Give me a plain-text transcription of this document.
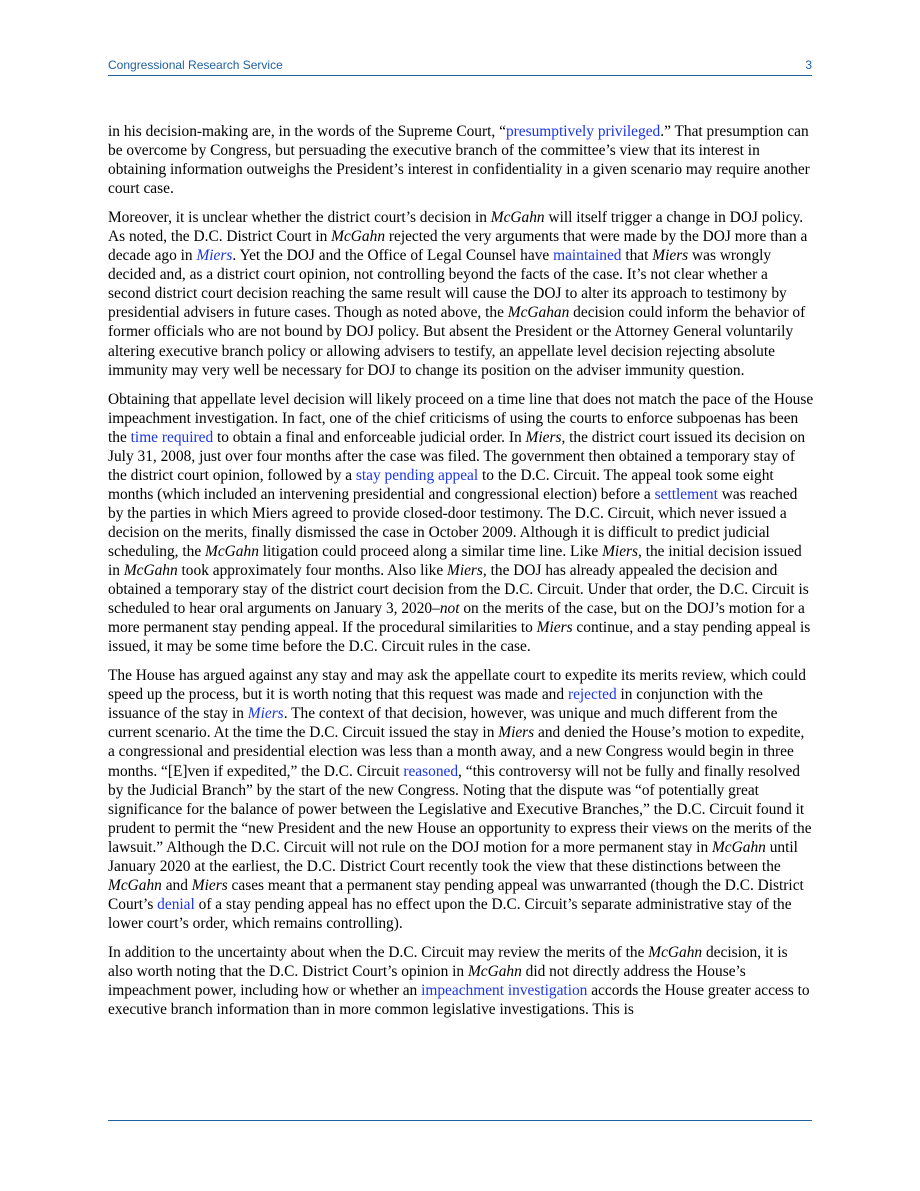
Congressional Research Service	3

in his decision-making are, in the words of the Supreme Court, “presumptively privileged.” That presumption can be overcome by Congress, but persuading the executive branch of the committee’s view that its interest in obtaining information outweighs the President’s interest in confidentiality in a given scenario may require another court case.

Moreover, it is unclear whether the district court’s decision in McGahn will itself trigger a change in DOJ policy. As noted, the D.C. District Court in McGahn rejected the very arguments that were made by the DOJ more than a decade ago in Miers. Yet the DOJ and the Office of Legal Counsel have maintained that Miers was wrongly decided and, as a district court opinion, not controlling beyond the facts of the case. It’s not clear whether a second district court decision reaching the same result will cause the DOJ to alter its approach to testimony by presidential advisers in future cases. Though as noted above, the McGahan decision could inform the behavior of former officials who are not bound by DOJ policy. But absent the President or the Attorney General voluntarily altering executive branch policy or allowing advisers to testify, an appellate level decision rejecting absolute immunity may very well be necessary for DOJ to change its position on the adviser immunity question.

Obtaining that appellate level decision will likely proceed on a time line that does not match the pace of the House impeachment investigation. In fact, one of the chief criticisms of using the courts to enforce subpoenas has been the time required to obtain a final and enforceable judicial order. In Miers, the district court issued its decision on July 31, 2008, just over four months after the case was filed. The government then obtained a temporary stay of the district court opinion, followed by a stay pending appeal to the D.C. Circuit. The appeal took some eight months (which included an intervening presidential and congressional election) before a settlement was reached by the parties in which Miers agreed to provide closed-door testimony. The D.C. Circuit, which never issued a decision on the merits, finally dismissed the case in October 2009. Although it is difficult to predict judicial scheduling, the McGahn litigation could proceed along a similar time line. Like Miers, the initial decision issued in McGahn took approximately four months. Also like Miers, the DOJ has already appealed the decision and obtained a temporary stay of the district court decision from the D.C. Circuit. Under that order, the D.C. Circuit is scheduled to hear oral arguments on January 3, 2020–not on the merits of the case, but on the DOJ’s motion for a more permanent stay pending appeal. If the procedural similarities to Miers continue, and a stay pending appeal is issued, it may be some time before the D.C. Circuit rules in the case.

The House has argued against any stay and may ask the appellate court to expedite its merits review, which could speed up the process, but it is worth noting that this request was made and rejected in conjunction with the issuance of the stay in Miers. The context of that decision, however, was unique and much different from the current scenario. At the time the D.C. Circuit issued the stay in Miers and denied the House’s motion to expedite, a congressional and presidential election was less than a month away, and a new Congress would begin in three months. “[E]ven if expedited,” the D.C. Circuit reasoned, “this controversy will not be fully and finally resolved by the Judicial Branch” by the start of the new Congress. Noting that the dispute was “of potentially great significance for the balance of power between the Legislative and Executive Branches,” the D.C. Circuit found it prudent to permit the “new President and the new House an opportunity to express their views on the merits of the lawsuit.” Although the D.C. Circuit will not rule on the DOJ motion for a more permanent stay in McGahn until January 2020 at the earliest, the D.C. District Court recently took the view that these distinctions between the McGahn and Miers cases meant that a permanent stay pending appeal was unwarranted (though the D.C. District Court’s denial of a stay pending appeal has no effect upon the D.C. Circuit’s separate administrative stay of the lower court’s order, which remains controlling).

In addition to the uncertainty about when the D.C. Circuit may review the merits of the McGahn decision, it is also worth noting that the D.C. District Court’s opinion in McGahn did not directly address the House’s impeachment power, including how or whether an impeachment investigation accords the House greater access to executive branch information than in more common legislative investigations. This is
